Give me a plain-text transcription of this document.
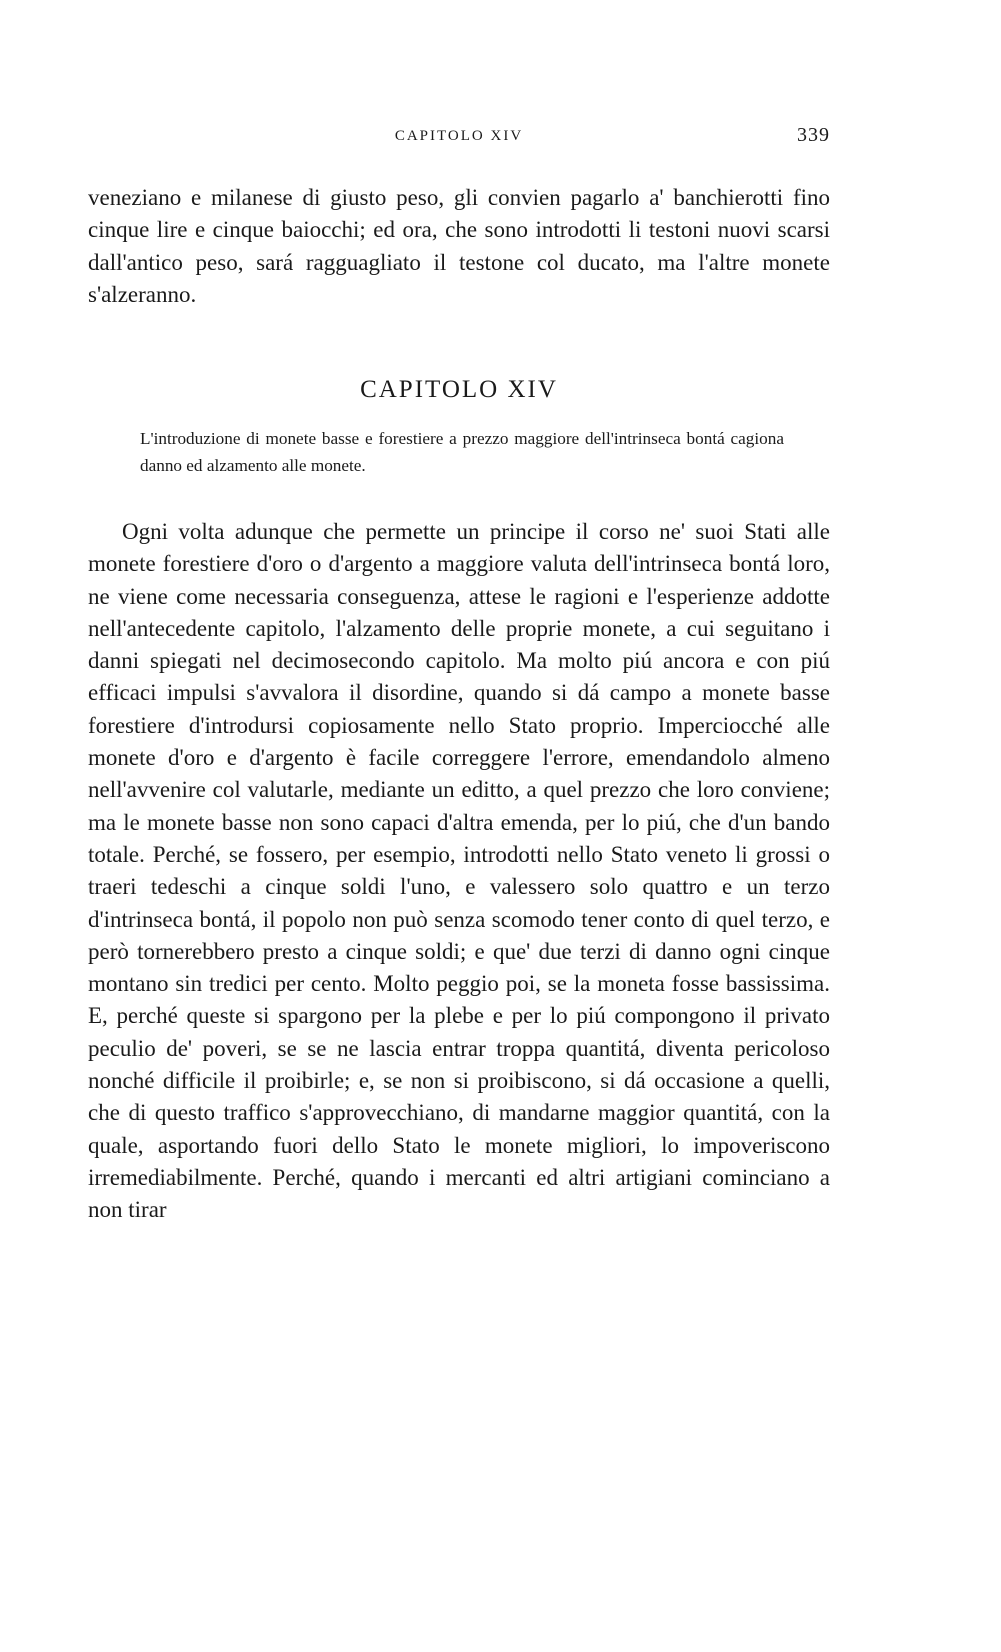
CAPITOLO XIV	339

veneziano e milanese di giusto peso, gli convien pagarlo a' banchierotti fino cinque lire e cinque baiocchi; ed ora, che sono introdotti li testoni nuovi scarsi dall'antico peso, sará ragguagliato il testone col ducato, ma l'altre monete s'alzeranno.

CAPITOLO XIV

L'introduzione di monete basse e forestiere a prezzo maggiore dell'intrinseca bontá cagiona danno ed alzamento alle monete.

Ogni volta adunque che permette un principe il corso ne' suoi Stati alle monete forestiere d'oro o d'argento a maggiore valuta dell'intrinseca bontá loro, ne viene come necessaria conseguenza, attese le ragioni e l'esperienze addotte nell'antecedente capitolo, l'alzamento delle proprie monete, a cui seguitano i danni spiegati nel decimosecondo capitolo. Ma molto piú ancora e con piú efficaci impulsi s'avvalora il disordine, quando si dá campo a monete basse forestiere d'introdursi copiosamente nello Stato proprio. Imperciocché alle monete d'oro e d'argento è facile correggere l'errore, emendandolo almeno nell'avvenire col valutarle, mediante un editto, a quel prezzo che loro conviene; ma le monete basse non sono capaci d'altra emenda, per lo piú, che d'un bando totale. Perché, se fossero, per esempio, introdotti nello Stato veneto li grossi o traeri tedeschi a cinque soldi l'uno, e valessero solo quattro e un terzo d'intrinseca bontá, il popolo non può senza scomodo tener conto di quel terzo, e però tornerebbero presto a cinque soldi; e que' due terzi di danno ogni cinque montano sin tredici per cento. Molto peggio poi, se la moneta fosse bassissima. E, perché queste si spargono per la plebe e per lo piú compongono il privato peculio de' poveri, se se ne lascia entrar troppa quantitá, diventa pericoloso nonché difficile il proibirle; e, se non si proibiscono, si dá occasione a quelli, che di questo traffico s'approvecchiano, di mandarne maggior quantitá, con la quale, asportando fuori dello Stato le monete migliori, lo impoveriscono irremediabilmente. Perché, quando i mercanti ed altri artigiani cominciano a non tirar
